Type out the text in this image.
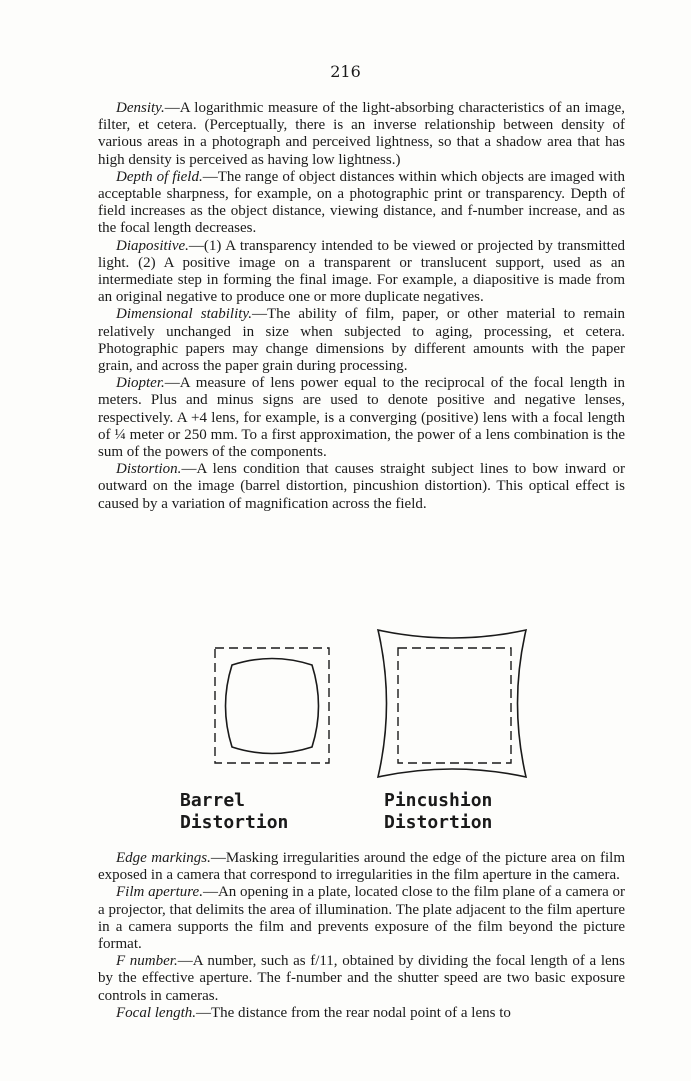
216

Density.—A logarithmic measure of the light-absorbing characteristics of an image, filter, et cetera. (Perceptually, there is an inverse relationship between density of various areas in a photograph and perceived lightness, so that a shadow area that has high density is perceived as having low lightness.)

Depth of field.—The range of object distances within which objects are imaged with acceptable sharpness, for example, on a photographic print or transparency. Depth of field increases as the object distance, viewing distance, and f-number increase, and as the focal length decreases.

Diapositive.—(1) A transparency intended to be viewed or projected by transmitted light. (2) A positive image on a transparent or translucent support, used as an intermediate step in forming the final image. For example, a diapositive is made from an original negative to produce one or more duplicate negatives.

Dimensional stability.—The ability of film, paper, or other material to remain relatively unchanged in size when subjected to aging, processing, et cetera. Photographic papers may change dimensions by different amounts with the paper grain, and across the paper grain during processing.

Diopter.—A measure of lens power equal to the reciprocal of the focal length in meters. Plus and minus signs are used to denote positive and negative lenses, respectively. A +4 lens, for example, is a converging (positive) lens with a focal length of ¼ meter or 250 mm. To a first approximation, the power of a lens combination is the sum of the powers of the components.

Distortion.—A lens condition that causes straight subject lines to bow inward or outward on the image (barrel distortion, pincushion distortion). This optical effect is caused by a variation of magnification across the field.

Barrel
Distortion
Pincushion
Distortion

Edge markings.—Masking irregularities around the edge of the picture area on film exposed in a camera that correspond to irregularities in the film aperture in the camera.

Film aperture.—An opening in a plate, located close to the film plane of a camera or a projector, that delimits the area of illumination. The plate adjacent to the film aperture in a camera supports the film and prevents exposure of the film beyond the picture format.

F number.—A number, such as f/11, obtained by dividing the focal length of a lens by the effective aperture. The f-number and the shutter speed are two basic exposure controls in cameras.

Focal length.—The distance from the rear nodal point of a lens to
